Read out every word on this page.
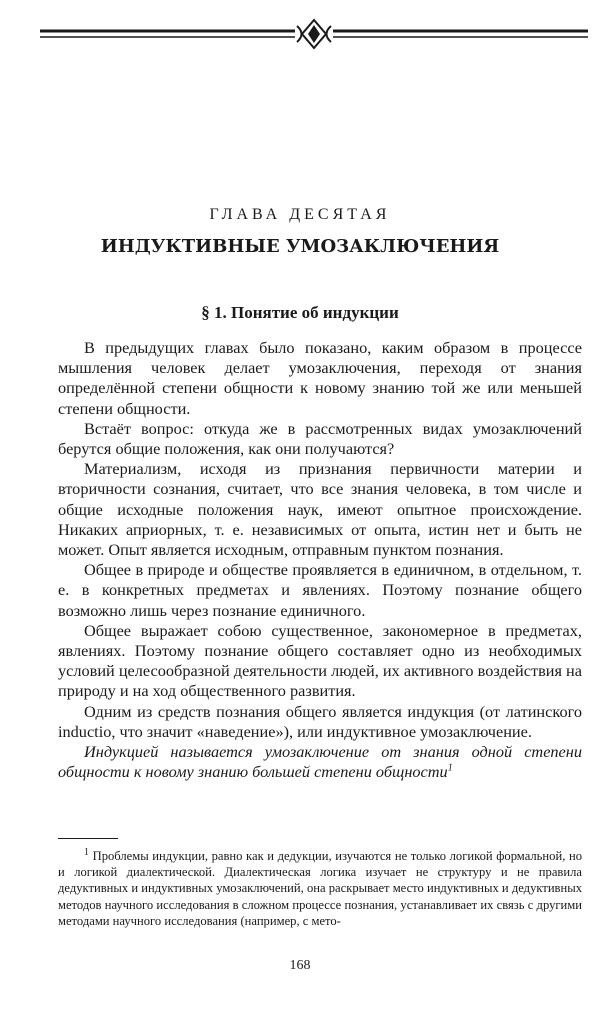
ГЛАВА ДЕСЯТАЯ
ИНДУКТИВНЫЕ УМОЗАКЛЮЧЕНИЯ
§ 1. Понятие об индукции

В предыдущих главах было показано, каким образом в процессе мышления человек делает умозаключения, переходя от знания определённой степени общности к новому знанию той же или меньшей степени общности.

Встаёт вопрос: откуда же в рассмотренных видах умозаключений берутся общие положения, как они получаются?

Материализм, исходя из признания первичности материи и вторичности сознания, считает, что все знания человека, в том числе и общие исходные положения наук, имеют опытное происхождение. Никаких априорных, т. е. независимых от опыта, истин нет и быть не может. Опыт является исходным, отправным пунктом познания.

Общее в природе и обществе проявляется в единичном, в отдельном, т. е. в конкретных предметах и явлениях. Поэтому познание общего возможно лишь через познание единичного.

Общее выражает собою существенное, закономерное в предметах, явлениях. Поэтому познание общего составляет одно из необходимых условий целесообразной деятельности людей, их активного воздействия на природу и на ход общественного развития.

Одним из средств познания общего является индукция (от латинского inductio, что значит «наведение»), или индуктивное умозаключение.

Индукцией называется умозаключение от знания одной степени общности к новому знанию большей степени общности$^1$

$^1$ Проблемы индукции, равно как и дедукции, изучаются не только логикой формальной, но и логикой диалектической. Диалектическая логика изучает не структуру и не правила дедуктивных и индуктивных умозаключений, она раскрывает место индуктивных и дедуктивных методов научного исследования в сложном процессе познания, устанавливает их связь с другими методами научного исследования (например, с мето-
168
